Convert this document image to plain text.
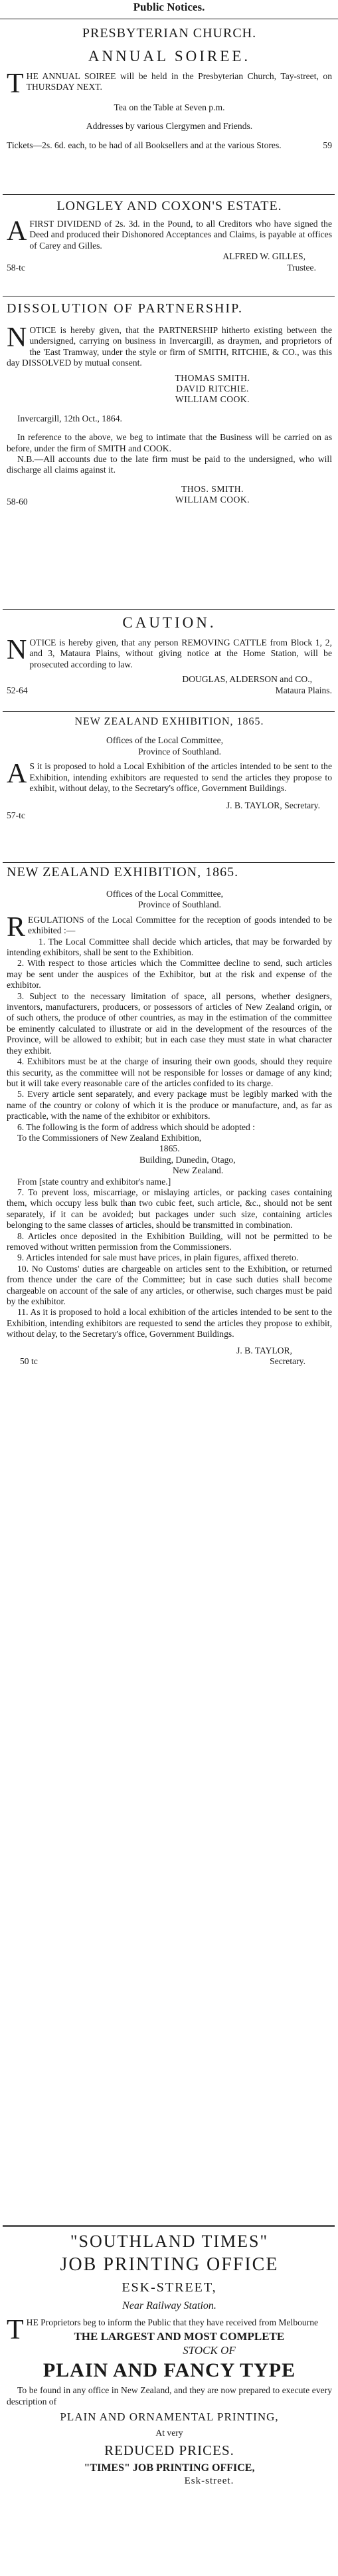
Public Notices.
PRESBYTERIAN CHURCH.
ANNUAL SOIREE.
THE ANNUAL SOIREE will be held in the Presbyterian Church, Tay-street, on THURSDAY NEXT.
Tea on the Table at Seven p.m.
Addresses by various Clergymen and Friends.
Tickets—2s. 6d. each, to be had of all Booksellers and at the various Stores.	59
LONGLEY AND COXON'S ESTATE.
AFIRST DIVIDEND of 2s. 3d. in the Pound, to all Creditors who have signed the Deed and produced their Dishonored Acceptances and Claims, is payable at offices of Carey and Gilles.
ALFRED W. GILLES,
58-tc	Trustee.
DISSOLUTION OF PARTNERSHIP.
NOTICE is hereby given, that the PARTNERSHIP hitherto existing between the undersigned, carrying on business in Invercargill, as draymen, and proprietors of the 'East Tramway, under the style or firm of SMITH, RITCHIE, & CO., was this day DISSOLVED by mutual consent.
THOMAS SMITH.
DAVID RITCHIE.
WILLIAM COOK.
Invercargill, 12th Oct., 1864.
In reference to the above, we beg to intimate that the Business will be carried on as before, under the firm of SMITH and COOK.
N.B.—All accounts due to the late firm must be paid to the undersigned, who will discharge all claims against it.
THOS. SMITH.
WILLIAM COOK.
58-60
CAUTION.
NOTICE is hereby given, that any person REMOVING CATTLE from Block 1, 2, and 3, Mataura Plains, without giving notice at the Home Station, will be prosecuted according to law.
DOUGLAS, ALDERSON and CO.,
52-64	Mataura Plains.
NEW ZEALAND EXHIBITION, 1865.
Offices of the Local Committee,
Province of Southland.
A S it is proposed to hold a Local Exhibition of the articles intended to be sent to the Exhibition, intending exhibitors are requested to send the articles they propose to exhibit, without delay, to the Secretary's office, Government Buildings.
J. B. TAYLOR, Secretary.
57-tc
NEW ZEALAND EXHIBITION, 1865.
Offices of the Local Committee,
Province of Southland.
REGULATIONS of the Local Committee for the reception of goods intended to be exhibited :—

1. The Local Committee shall decide which articles, that may be forwarded by intending exhibitors, shall be sent to the Exhibition.

2. With respect to those articles which the Committee decline to send, such articles may be sent under the auspices of the Exhibitor, but at the risk and expense of the exhibitor.

3. Subject to the necessary limitation of space, all persons, whether designers, inventors, manufacturers, producers, or possessors of articles of New Zealand origin, or of such others, the produce of other countries, as may in the estimation of the committee be eminently calculated to illustrate or aid in the development of the resources of the Province, will be allowed to exhibit; but in each case they must state in what character they exhibit.

4. Exhibitors must be at the charge of insuring their own goods, should they require this security, as the committee will not be responsible for losses or damage of any kind; but it will take every reasonable care of the articles confided to its charge.

5. Every article sent separately, and every package must be legibly marked with the name of the country or colony of which it is the produce or manufacture, and, as far as practicable, with the name of the exhibitor or exhibitors.

6. The following is the form of address which should be adopted :

To the Commissioners of New Zealand Exhibition,
1865.
Building, Dunedin, Otago,
New Zealand.
From [state country and exhibitor's name.]

7. To prevent loss, miscarriage, or mislaying articles, or packing cases containing them, which occupy less bulk than two cubic feet, such article, &c., should not be sent separately, if it can be avoided; but packages under such size, containing articles belonging to the same classes of articles, should be transmitted in combination.

8. Articles once deposited in the Exhibition Building, will not be permitted to be removed without written permission from the Commissioners.

9. Articles intended for sale must have prices, in plain figures, affixed thereto.

10. No Customs' duties are chargeable on articles sent to the Exhibition, or returned from thence under the care of the Committee; but in case such duties shall become chargeable on account of the sale of any articles, or otherwise, such charges must be paid by the exhibitor.

11. As it is proposed to hold a local exhibition of the articles intended to be sent to the Exhibition, intending exhibitors are requested to send the articles they propose to exhibit, without delay, to the Secretary's office, Government Buildings.

J. B. TAYLOR,
50 tc	Secretary.
"SOUTHLAND TIMES"
JOB PRINTING OFFICE
ESK-STREET,
Near Railway Station.
THE Proprietors beg to inform the Public that they have received from Melbourne
THE LARGEST AND MOST COMPLETE
STOCK OF
PLAIN AND FANCY TYPE
To be found in any office in New Zealand, and they are now prepared to execute every description of
PLAIN AND ORNAMENTAL PRINTING,
At very
REDUCED PRICES.
"TIMES" JOB PRINTING OFFICE,
Esk-street.
